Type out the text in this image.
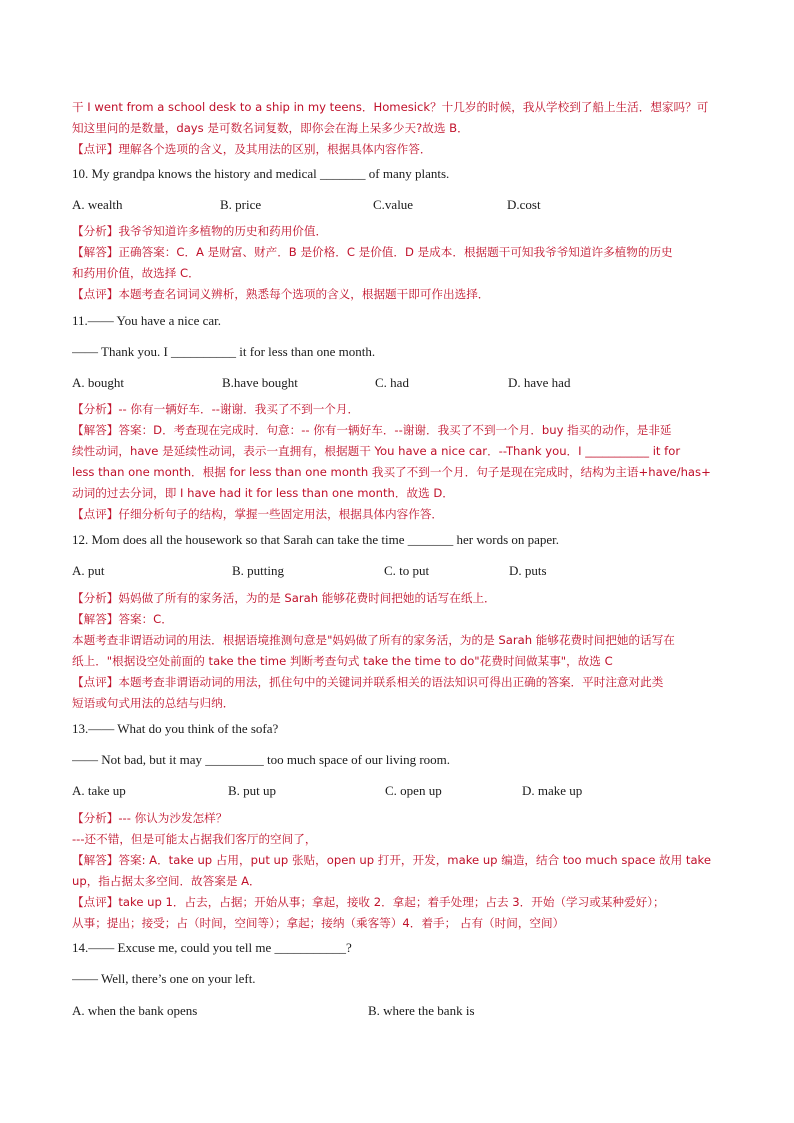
干 I went from a school desk to a ship in my teens．Homesick？十几岁的时候，我从学校到了船上生活．想家吗？可
知这里问的是数量，days 是可数名词复数，即你会在海上呆多少天?故选 B．
【点评】理解各个选项的含义，及其用法的区别，根据具体内容作答．
10. My grandpa knows the history and medical _______ of many plants.
A. wealth	B. price	C.value	D.cost
【分析】我爷爷知道许多植物的历史和药用价值．
【解答】正确答案：C．A 是财富、财产．B 是价格．C 是价值．D 是成本．根据题干可知我爷爷知道许多植物的历史
和药用价值，故选择 C．
【点评】本题考查名词词义辨析，熟悉每个选项的含义，根据题干即可作出选择．
11.—— You have a nice car.
—— Thank you. I __________ it for less than one month.
A. bought	B.have bought	C. had	D. have had
【分析】-- 你有一辆好车．--谢谢．我买了不到一个月．
【解答】答案：D．考查现在完成时．句意：-- 你有一辆好车．--谢谢．我买了不到一个月．buy 指买的动作，是非延
续性动词，have 是延续性动词，表示一直拥有，根据题干 You have a nice car．--Thank you．I ___________ it for
less than one month．根据 for less than one month 我买了不到一个月．句子是现在完成时，结构为主语+have/has+
动词的过去分词，即 I have had it for less than one month．故选 D．
【点评】仔细分析句子的结构，掌握一些固定用法，根据具体内容作答．
12. Mom does all the housework so that Sarah can take the time _______ her words on paper.
A. put	B. putting	C. to put	D. puts
【分析】妈妈做了所有的家务活，为的是 Sarah 能够花费时间把她的话写在纸上．
【解答】答案：C．
本题考查非谓语动词的用法．根据语境推测句意是"妈妈做了所有的家务活，为的是 Sarah 能够花费时间把她的话写在
纸上．"根据设空处前面的 take the time 判断考查句式 take the time to do"花费时间做某事"，故选 C
【点评】本题考查非谓语动词的用法，抓住句中的关键词并联系相关的语法知识可得出正确的答案．平时注意对此类
短语或句式用法的总结与归纳．
13.—— What do you think of the sofa?
—— Not bad, but it may _________ too much space of our living room.
A. take up	B. put up	C. open up	D. make up
【分析】--- 你认为沙发怎样？
---还不错，但是可能太占据我们客厅的空间了，
【解答】答案: A．take up 占用，put up 张贴，open up 打开，开发，make up 编造，结合 too much space 故用 take
up，指占据太多空间．故答案是 A．
【点评】take up 1．占去，占据；开始从事；拿起，接收 2．拿起；着手处理；占去 3．开始（学习或某种爱好）；
从事；提出；接受；占（时间，空间等）；拿起；接纳（乘客等）4．着手； 占有（时间，空间）
14.—— Excuse me, could you tell me ___________?
—— Well, there’s one on your left.
A. when the bank opens	B. where the bank is
